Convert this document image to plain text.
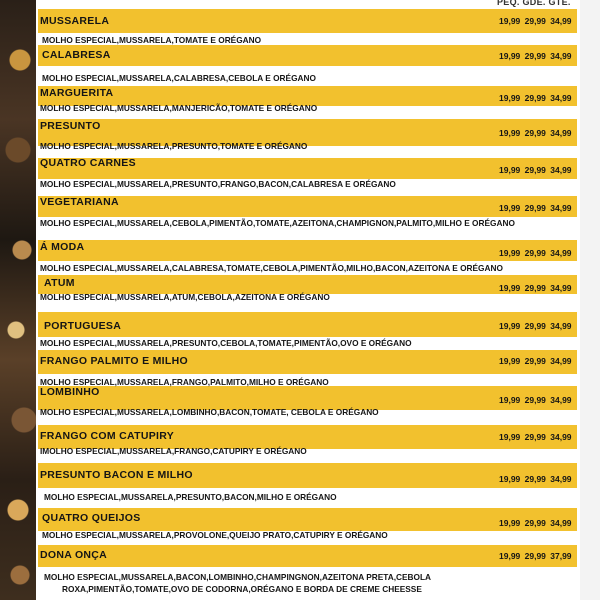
PEQ. GDE. GTE.
MUSSARELA	19,99 29,99 34,99
MOLHO ESPECIAL,MUSSARELA,TOMATE E ORÉGANO
CALABRESA	19,99 29,99 34,99
MOLHO ESPECIAL,MUSSARELA,CALABRESA,CEBOLA E ORÉGANO
MARGUERITA	19,99 29,99 34,99
MOLHO ESPECIAL,MUSSARELA,MANJERICÃO,TOMATE E ORÉGANO
PRESUNTO
19,99 29,99 34,99
MOLHO ESPECIAL,MUSSARELA,PRESUNTO,TOMATE E ORÉGANO
QUATRO CARNES
19,99 29,99 34,99
MOLHO ESPECIAL,MUSSARELA,PRESUNTO,FRANGO,BACON,CALABRESA E ORÉGANO
VEGETARIANA	19,99 29,99 34,99
MOLHO ESPECIAL,MUSSARELA,CEBOLA,PIMENTÃO,TOMATE,AZEITONA,CHAMPIGNON,PALMITO,MILHO E ORÉGANO
Á MODA	19,99 29,99 34,99
MOLHO ESPECIAL,MUSSARELA,CALABRESA,TOMATE,CEBOLA,PIMENTÃO,MILHO,BACON,AZEITONA E ORÉGANO
ATUM	19,99 29,99 34,99
MOLHO ESPECIAL,MUSSARELA,ATUM,CEBOLA,AZEITONA E ORÉGANO
PORTUGUESA	19,99 29,99 34,99
MOLHO ESPECIAL,MUSSARELA,PRESUNTO,CEBOLA,TOMATE,PIMENTÃO,OVO E ORÉGANO
FRANGO PALMITO E MILHO	19,99 29,99 34,99
MOLHO ESPECIAL,MUSSARELA,FRANGO,PALMITO,MILHO E ORÉGANO
LOMBINHO
19,99 29,99 34,99
MOLHO ESPECIAL,MUSSARELA,LOMBINHO,BACON,TOMATE, CEBOLA E ORÉGANO
FRANGO COM CATUPIRY	19,99 29,99 34,99
IMOLHO ESPECIAL,MUSSARELA,FRANGO,CATUPIRY E ORÉGANO
PRESUNTO BACON E MILHO	19,99 29,99 34,99
MOLHO ESPECIAL,MUSSARELA,PRESUNTO,BACON,MILHO E ORÉGANO
QUATRO QUEIJOS	19,99 29,99 34,99
MOLHO ESPECIAL,MUSSARELA,PROVOLONE,QUEIJO PRATO,CATUPIRY E ORÉGANO
DONA ONÇA	19,99 29,99 37,99
MOLHO ESPECIAL,MUSSARELA,BACON,LOMBINHO,CHAMPINGNON,AZEITONA PRETA,CEBOLA
ROXA,PIMENTÃO,TOMATE,OVO DE CODORNA,ORÉGANO E BORDA DE CREME CHEESSE
